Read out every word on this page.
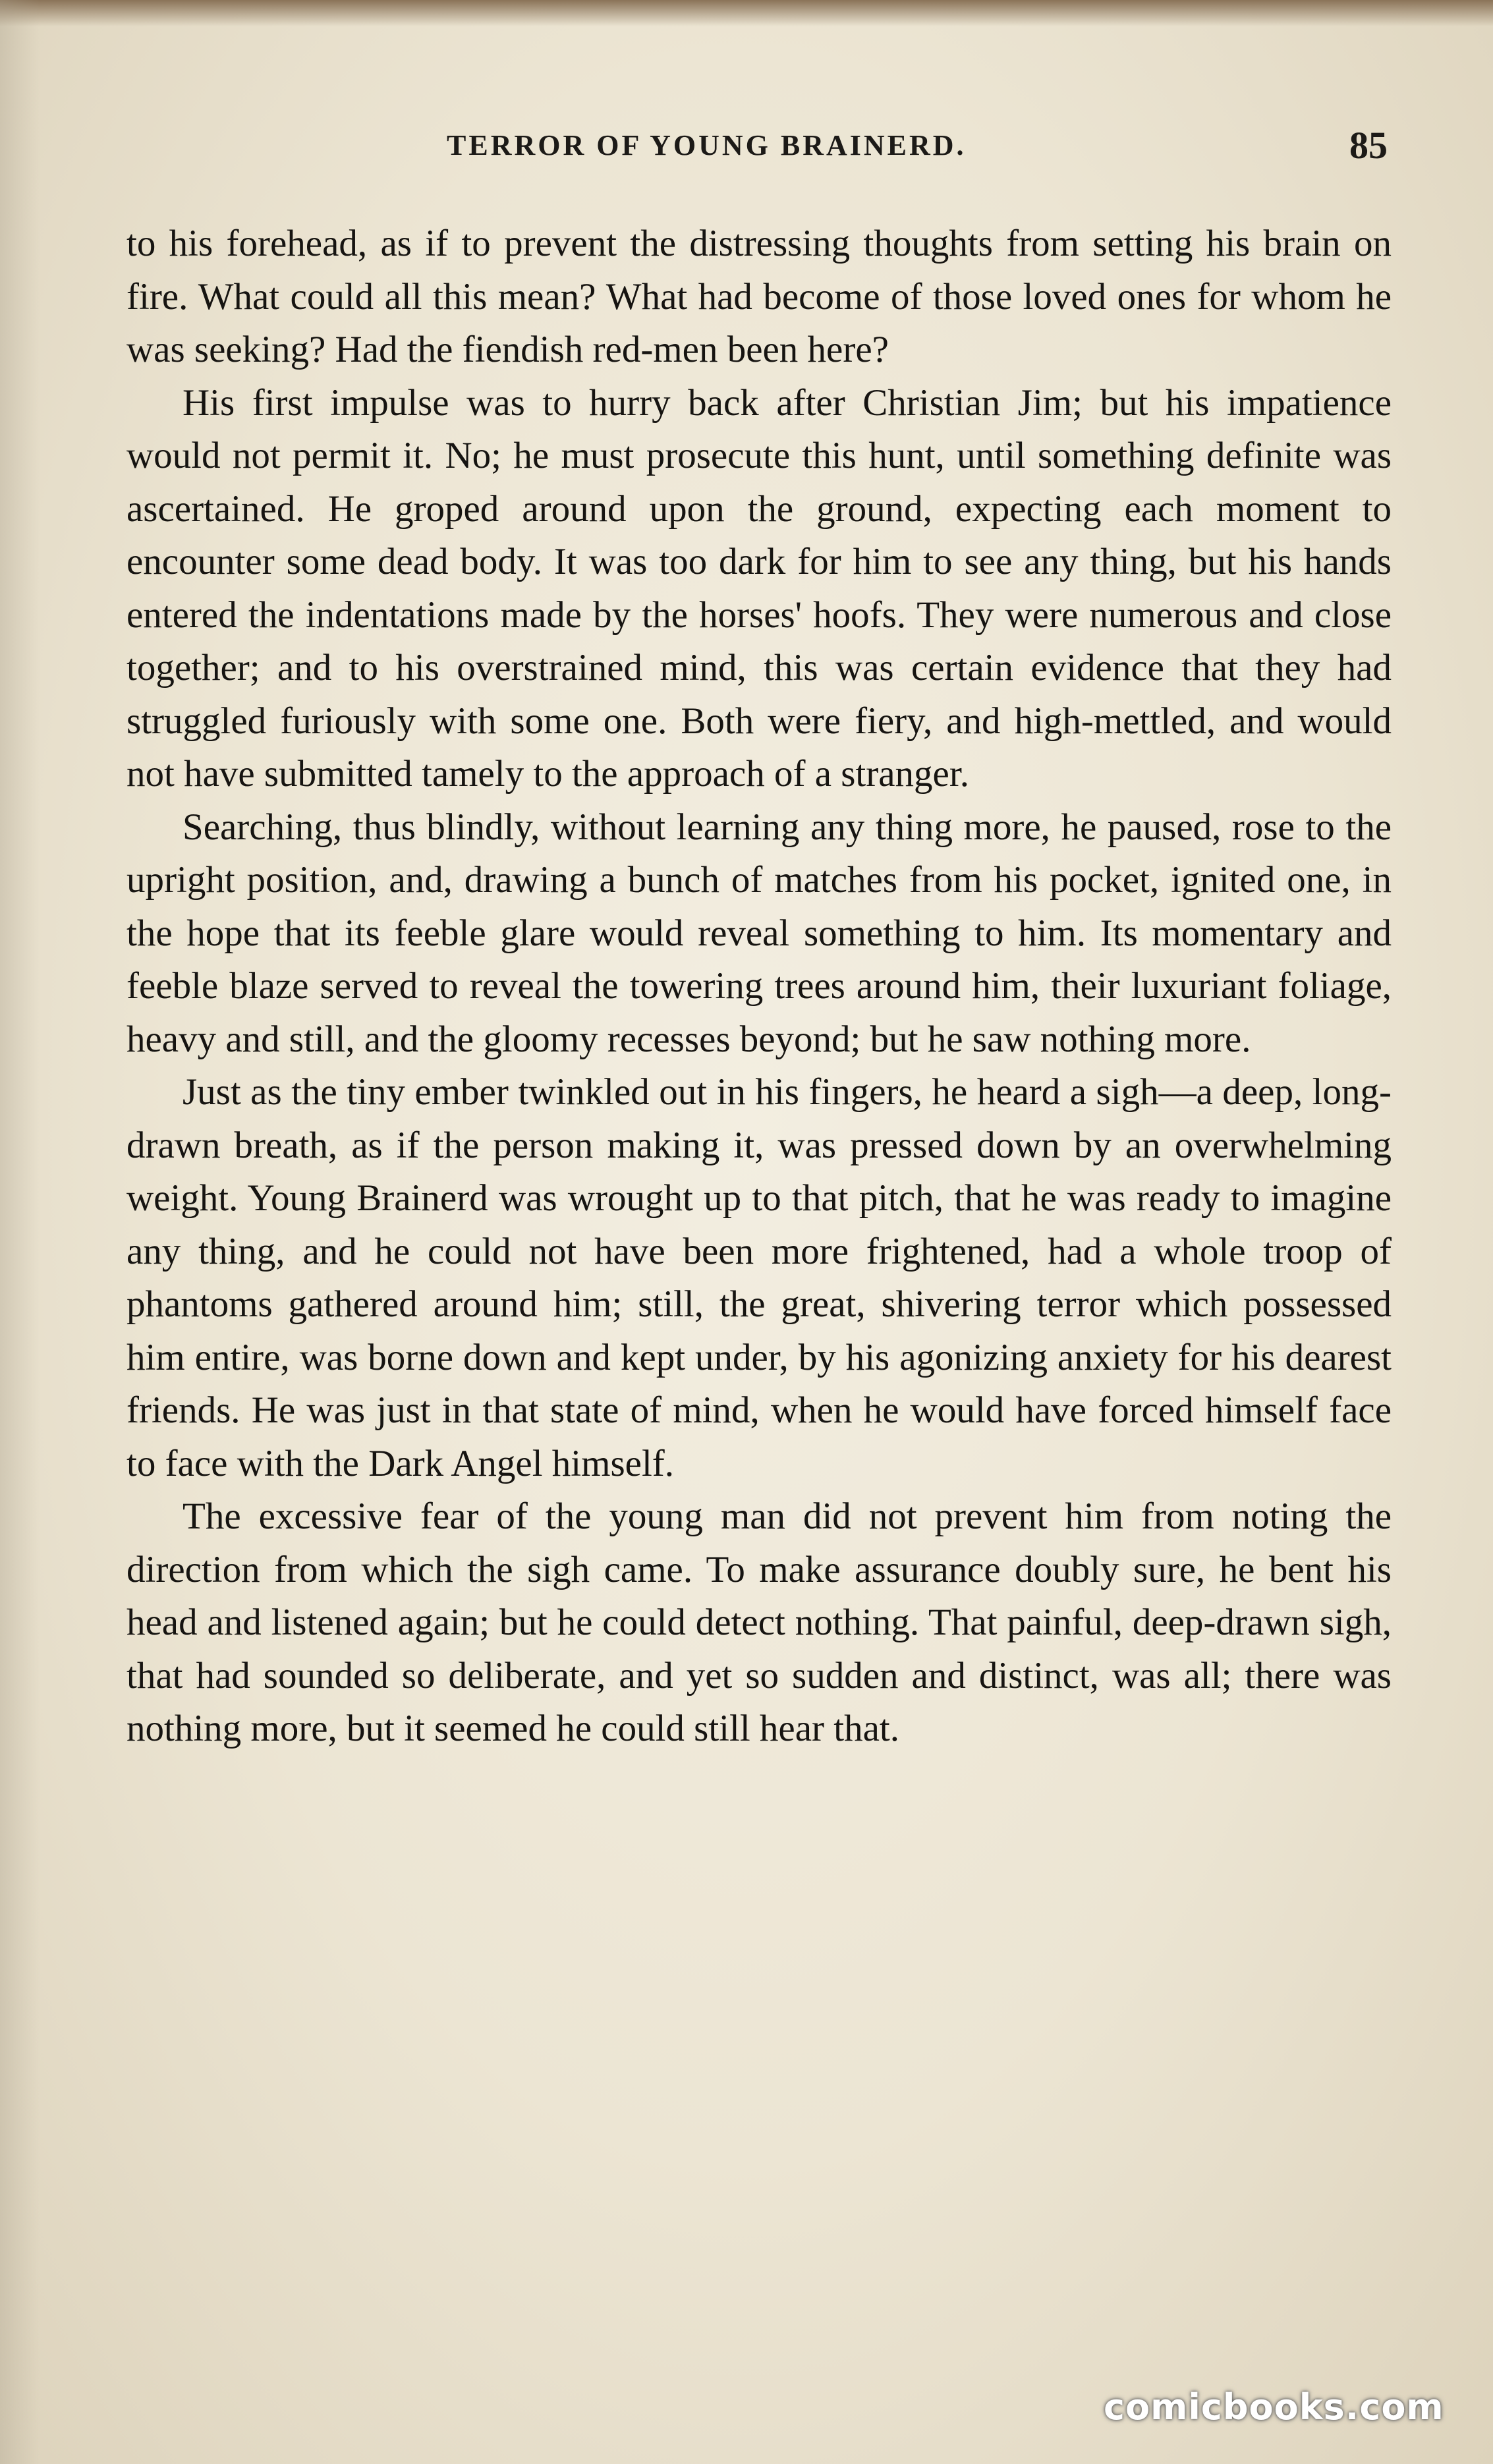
TERROR OF YOUNG BRAINERD.	85

to his forehead, as if to prevent the distressing thoughts from setting his brain on fire. What could all this mean? What had become of those loved ones for whom he was seeking? Had the fiendish red-men been here?

His first impulse was to hurry back after Christian Jim; but his impatience would not permit it. No; he must prosecute this hunt, until something definite was ascertained. He groped around upon the ground, expecting each moment to encounter some dead body. It was too dark for him to see any thing, but his hands entered the indentations made by the horses' hoofs. They were numerous and close together; and to his overstrained mind, this was certain evidence that they had struggled furiously with some one. Both were fiery, and high-mettled, and would not have submitted tamely to the approach of a stranger.

Searching, thus blindly, without learning any thing more, he paused, rose to the upright position, and, drawing a bunch of matches from his pocket, ignited one, in the hope that its feeble glare would reveal something to him. Its momentary and feeble blaze served to reveal the towering trees around him, their luxuriant foliage, heavy and still, and the gloomy recesses beyond; but he saw nothing more.

Just as the tiny ember twinkled out in his fingers, he heard a sigh—a deep, long-drawn breath, as if the person making it, was pressed down by an overwhelming weight. Young Brainerd was wrought up to that pitch, that he was ready to imagine any thing, and he could not have been more frightened, had a whole troop of phantoms gathered around him; still, the great, shivering terror which possessed him entire, was borne down and kept under, by his agonizing anxiety for his dearest friends. He was just in that state of mind, when he would have forced himself face to face with the Dark Angel himself.

The excessive fear of the young man did not prevent him from noting the direction from which the sigh came. To make assurance doubly sure, he bent his head and listened again; but he could detect nothing. That painful, deep-drawn sigh, that had sounded so deliberate, and yet so sudden and distinct, was all; there was nothing more, but it seemed he could still hear that.

comicbooks.com
